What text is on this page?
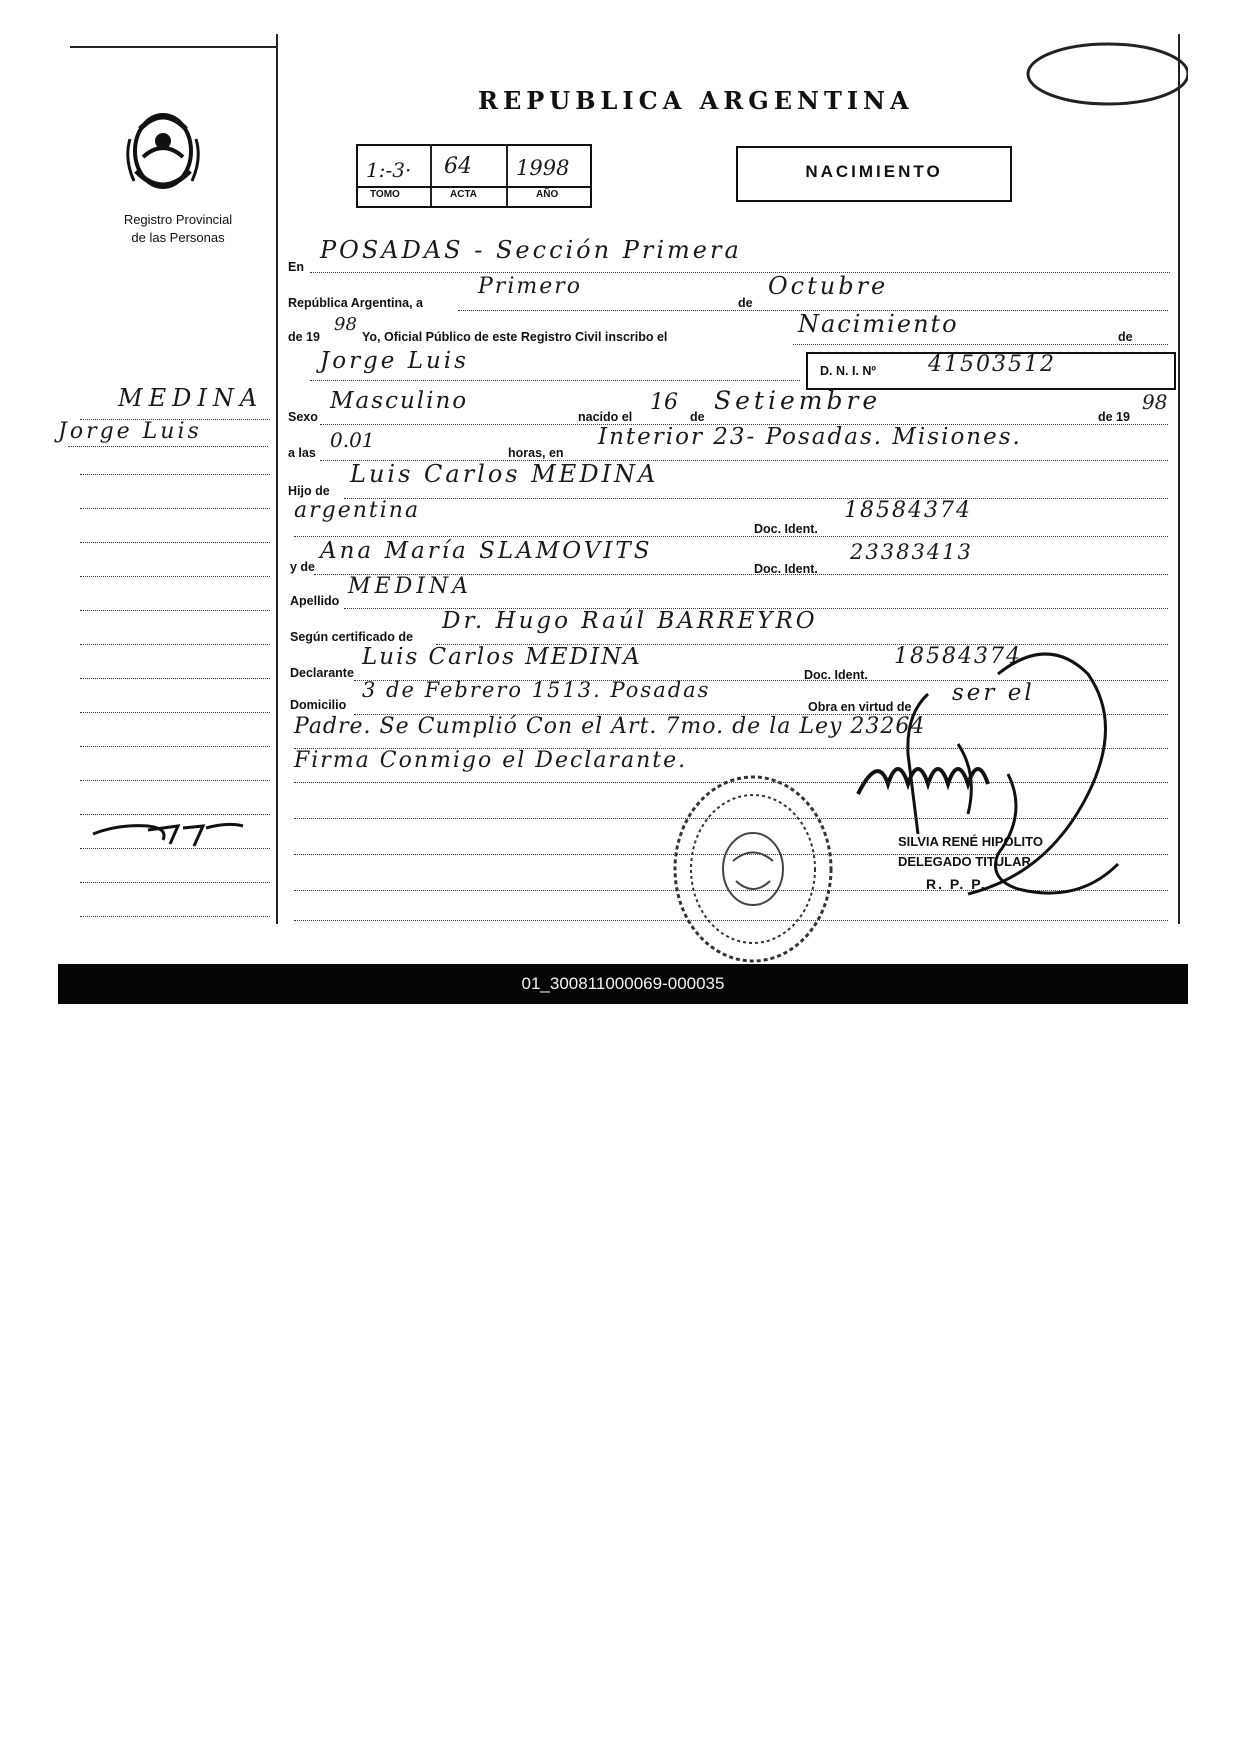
Registro Provincial
de las Personas
MEDINA
Jorge Luis
REPUBLICA ARGENTINA
1:-3· 64 1998
TOMO	ACTA	AÑO
NACIMIENTO
En
POSADAS - Sección Primera
República Argentina, a
Primero
de
Octubre
de 19
98
Yo, Oficial Público de este Registro Civil inscribo el	Nacimiento	de
Jorge Luis	D. N. I. Nº 41503512
Sexo
Masculino
nacido el
16
de
Setiembre
de 19
98
a las
0.01
horas, en
Interior 23- Posadas. Misiones.
Hijo de
Luis Carlos MEDINA
argentina
Doc. Ident.
18584374
y de
Ana María SLAMOVITS
Doc. Ident.
23383413
Apellido
MEDINA
Según certificado de
Dr. Hugo Raúl BARREYRO
Declarante
Luis Carlos MEDINA
Doc. Ident.
18584374
Domicilio
3 de Febrero 1513. Posadas
Obra en virtud de
ser el
Padre. Se Cumplió Con el Art. 7mo. de la Ley 23264
Firma Conmigo el Declarante.
SILVIA RENÉ HIPOLITO
DELEGADO TITULAR
R. P. P.
01_300811000069-000035
